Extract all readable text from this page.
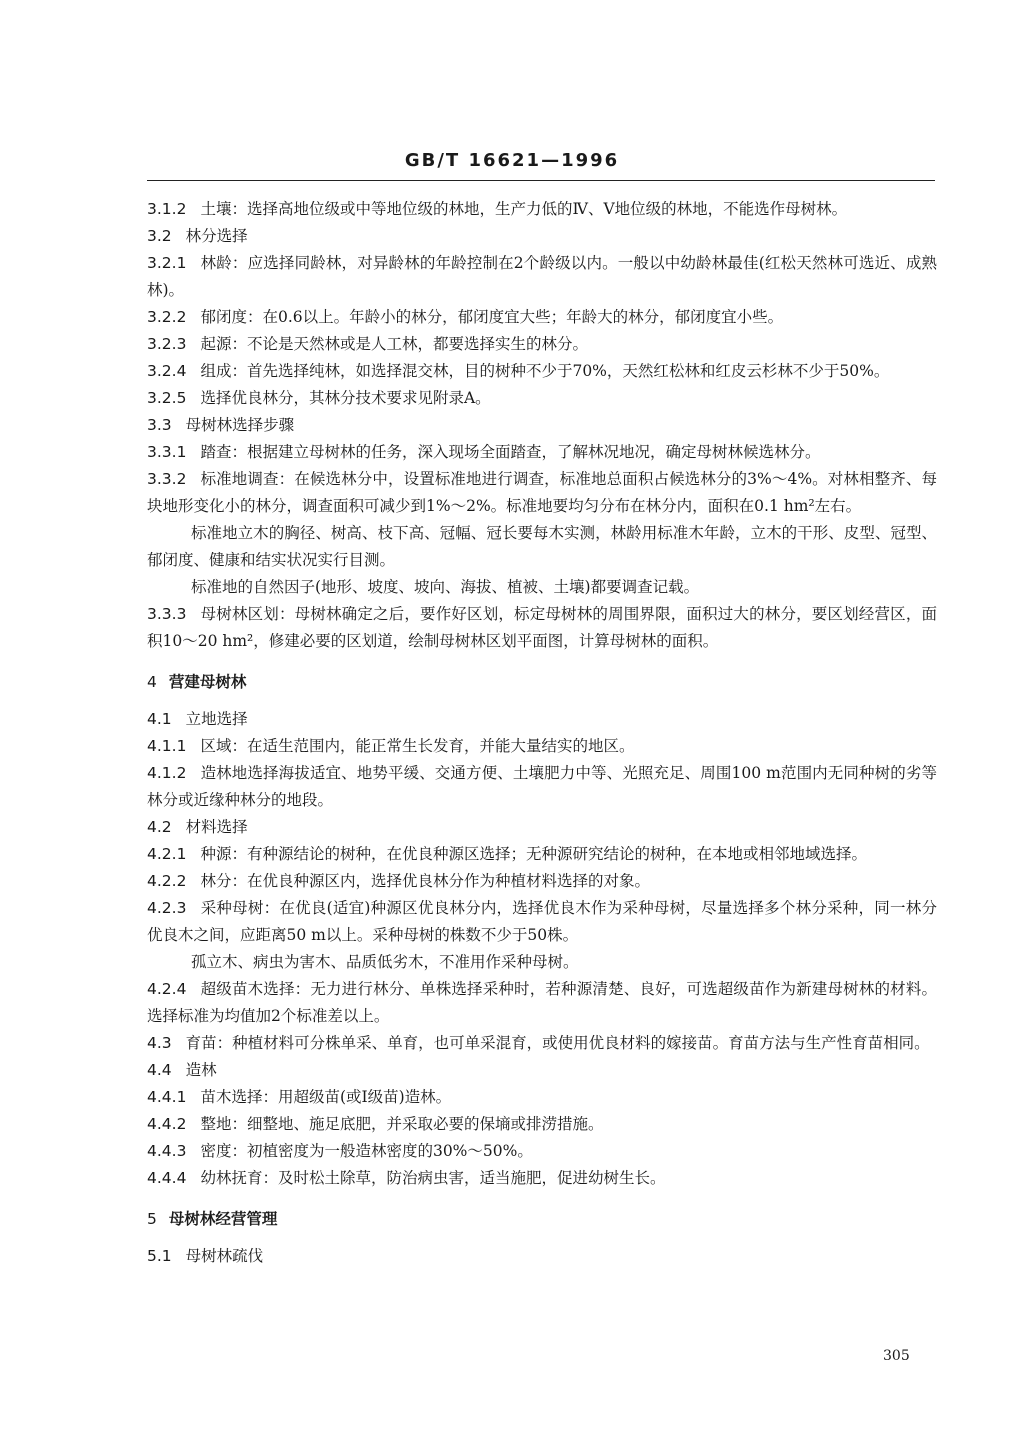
GB/T 16621—1996

3.1.2 土壤：选择高地位级或中等地位级的林地，生产力低的Ⅳ、Ⅴ地位级的林地，不能选作母树林。

3.2 林分选择

3.2.1 林龄：应选择同龄林，对异龄林的年龄控制在2个龄级以内。一般以中幼龄林最佳(红松天然林可选近、成熟林)。

3.2.2 郁闭度：在0.6以上。年龄小的林分，郁闭度宜大些；年龄大的林分，郁闭度宜小些。

3.2.3 起源：不论是天然林或是人工林，都要选择实生的林分。

3.2.4 组成：首先选择纯林，如选择混交林，目的树种不少于70%，天然红松林和红皮云杉林不少于50%。

3.2.5 选择优良林分，其林分技术要求见附录A。

3.3 母树林选择步骤

3.3.1 踏查：根据建立母树林的任务，深入现场全面踏查，了解林况地况，确定母树林候选林分。

3.3.2 标准地调查：在候选林分中，设置标准地进行调查，标准地总面积占候选林分的3%～4%。对林相整齐、每块地形变化小的林分，调查面积可减少到1%～2%。标准地要均匀分布在林分内，面积在0.1 hm²左右。

标准地立木的胸径、树高、枝下高、冠幅、冠长要每木实测，林龄用标准木年龄，立木的干形、皮型、冠型、郁闭度、健康和结实状况实行目测。

标准地的自然因子(地形、坡度、坡向、海拔、植被、土壤)都要调查记载。

3.3.3 母树林区划：母树林确定之后，要作好区划，标定母树林的周围界限，面积过大的林分，要区划经营区，面积10～20 hm²，修建必要的区划道，绘制母树林区划平面图，计算母树林的面积。

4 营建母树林

4.1 立地选择

4.1.1 区域：在适生范围内，能正常生长发育，并能大量结实的地区。

4.1.2 造林地选择海拔适宜、地势平缓、交通方便、土壤肥力中等、光照充足、周围100 m范围内无同种树的劣等林分或近缘种林分的地段。

4.2 材料选择

4.2.1 种源：有种源结论的树种，在优良种源区选择；无种源研究结论的树种，在本地或相邻地域选择。

4.2.2 林分：在优良种源区内，选择优良林分作为种植材料选择的对象。

4.2.3 采种母树：在优良(适宜)种源区优良林分内，选择优良木作为采种母树，尽量选择多个林分采种，同一林分优良木之间，应距离50 m以上。采种母树的株数不少于50株。

孤立木、病虫为害木、品质低劣木，不准用作采种母树。

4.2.4 超级苗木选择：无力进行林分、单株选择采种时，若种源清楚、良好，可选超级苗作为新建母树林的材料。选择标准为均值加2个标准差以上。

4.3 育苗：种植材料可分株单采、单育，也可单采混育，或使用优良材料的嫁接苗。育苗方法与生产性育苗相同。

4.4 造林

4.4.1 苗木选择：用超级苗(或Ⅰ级苗)造林。

4.4.2 整地：细整地、施足底肥，并采取必要的保墒或排涝措施。

4.4.3 密度：初植密度为一般造林密度的30%～50%。

4.4.4 幼林抚育：及时松土除草，防治病虫害，适当施肥，促进幼树生长。

5 母树林经营管理

5.1 母树林疏伐

305
